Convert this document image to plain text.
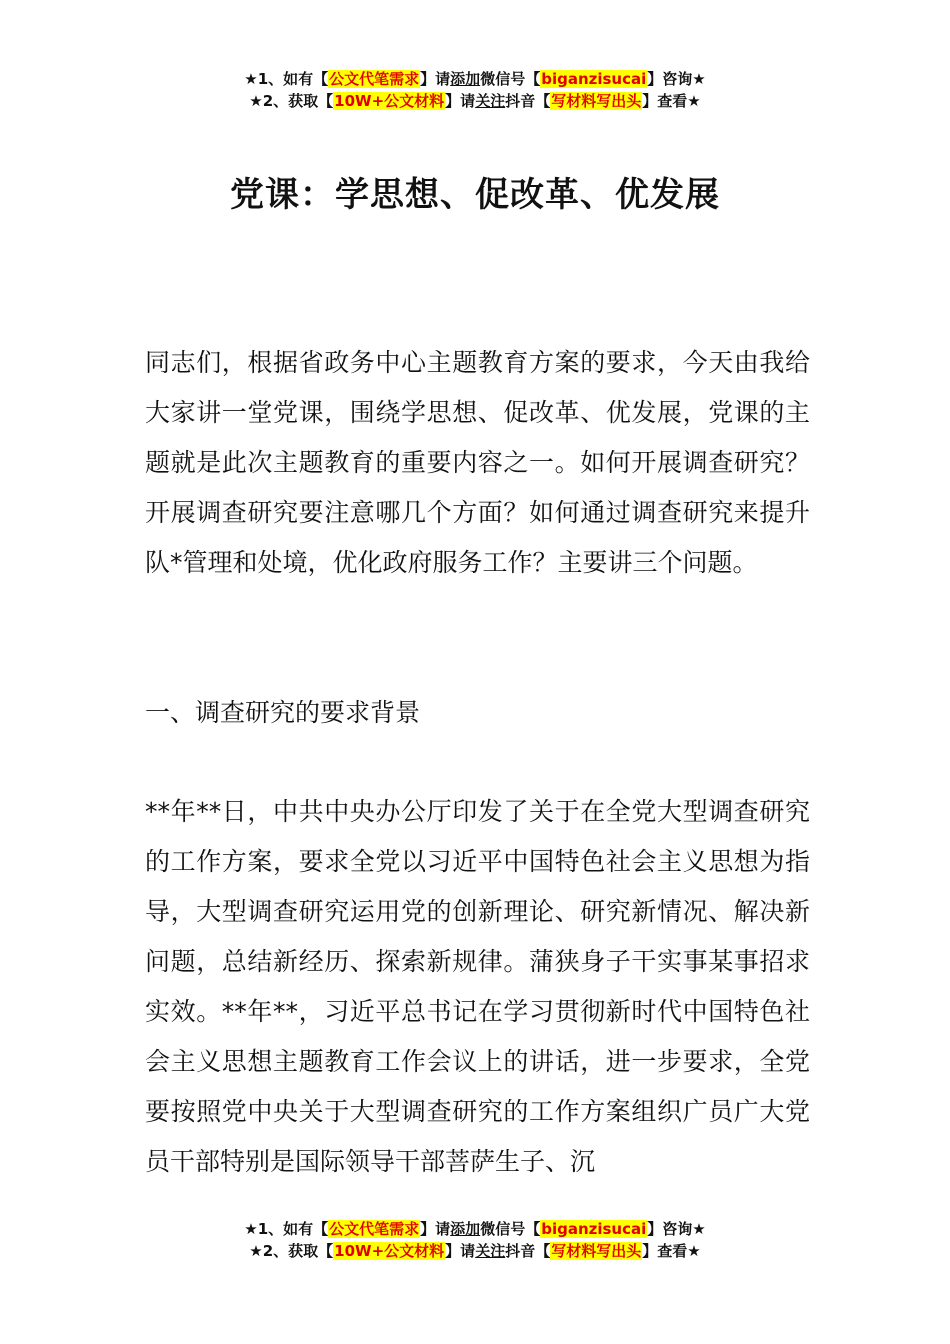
★1、如有【公文代笔需求】请添加微信号【biganzisucai】咨询★
★2、获取【10W+公文材料】请关注抖音【写材料写出头】查看★
党课：学思想、促改革、优发展

同志们，根据省政务中心主题教育方案的要求，今天由我给大家讲一堂党课，围绕学思想、促改革、优发展，党课的主题就是此次主题教育的重要内容之一。如何开展调查研究？开展调查研究要注意哪几个方面？如何通过调查研究来提升队*管理和处境，优化政府服务工作？主要讲三个问题。

一、调查研究的要求背景

**年**日，中共中央办公厅印发了关于在全党大型调查研究的工作方案，要求全党以习近平中国特色社会主义思想为指导，大型调查研究运用党的创新理论、研究新情况、解决新问题，总结新经历、探索新规律。蒲狭身子干实事某事招求实效。**年**，习近平总书记在学习贯彻新时代中国特色社会主义思想主题教育工作会议上的讲话，进一步要求，全党要按照党中央关于大型调查研究的工作方案组织广员广大党员干部特别是国际领导干部菩萨生子、沉

★1、如有【公文代笔需求】请添加微信号【biganzisucai】咨询★
★2、获取【10W+公文材料】请关注抖音【写材料写出头】查看★
